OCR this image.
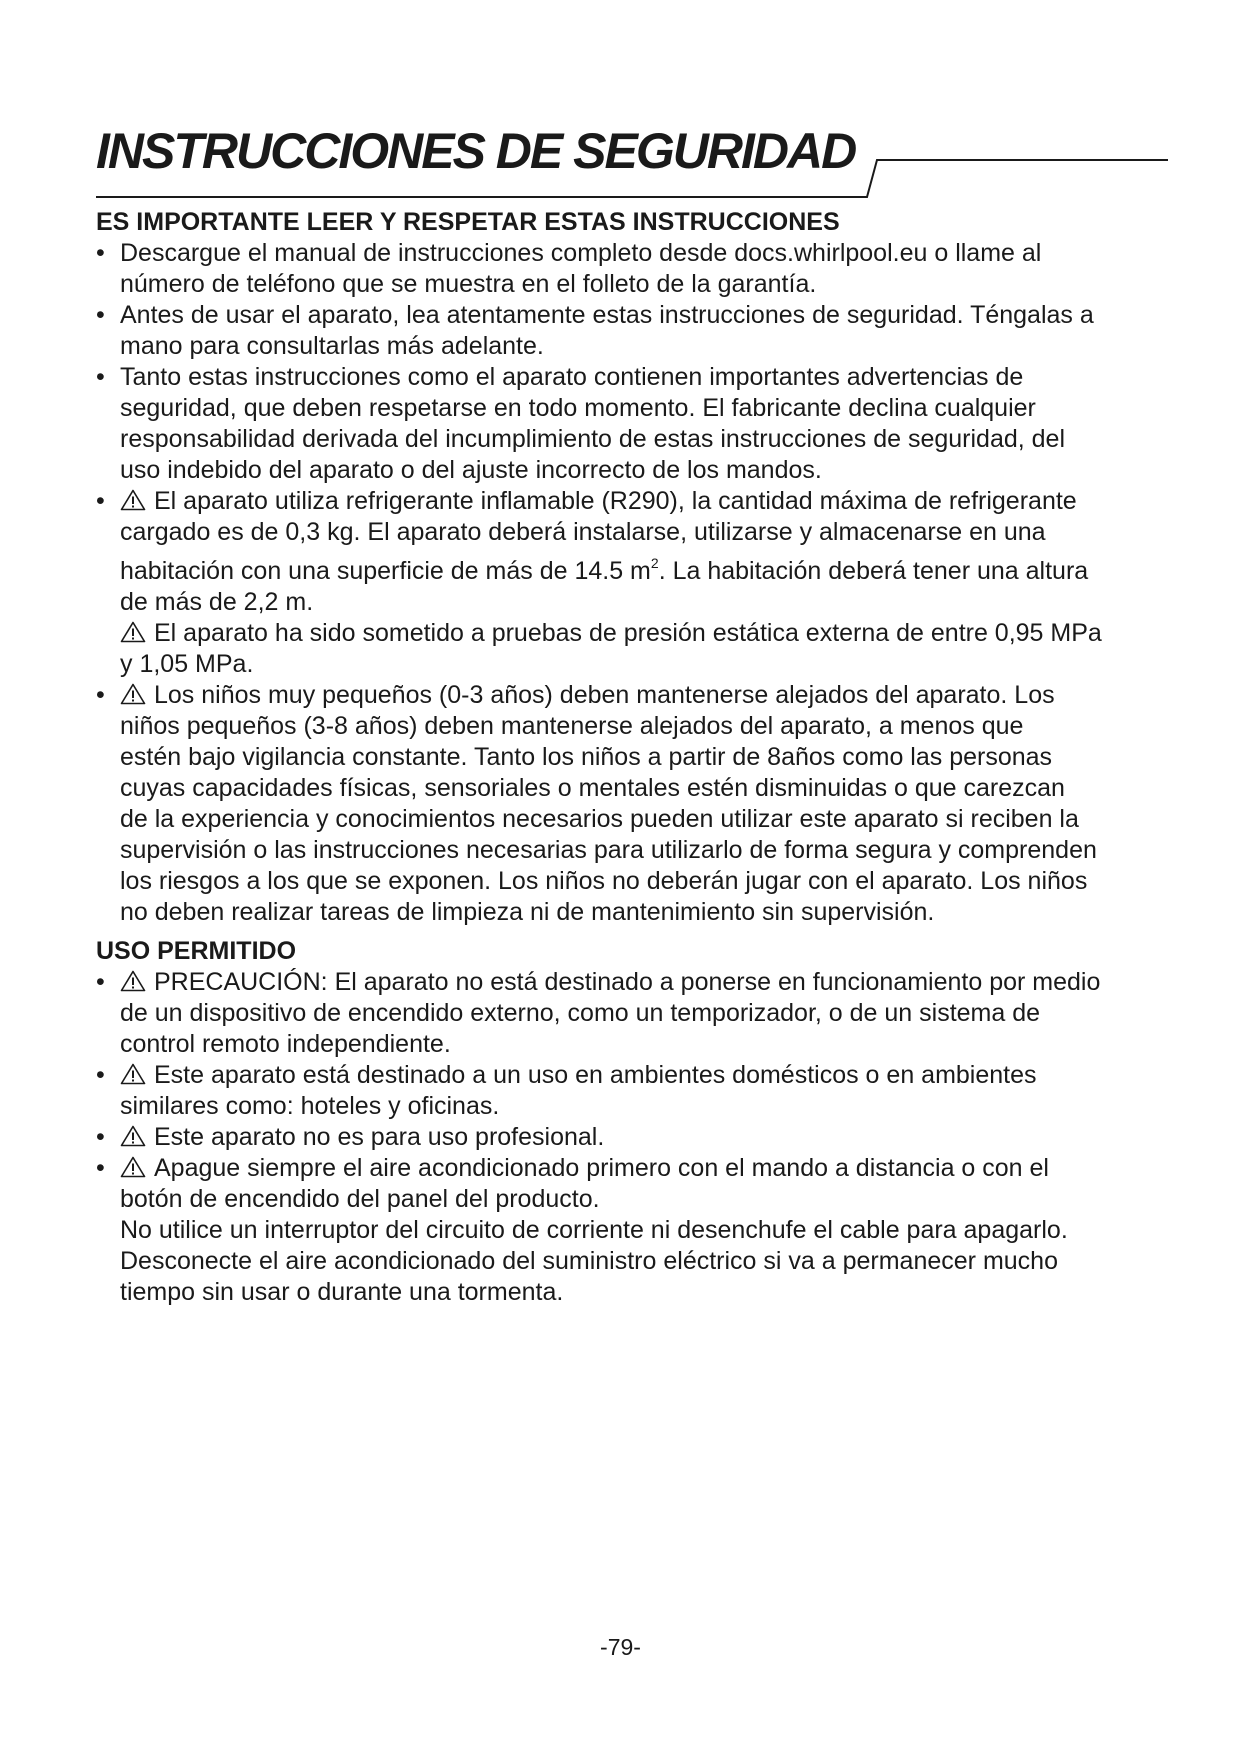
INSTRUCCIONES DE SEGURIDAD
ES IMPORTANTE LEER Y RESPETAR ESTAS INSTRUCCIONES
• Descargue el manual de instrucciones completo desde docs.whirlpool.eu o llame al
número de teléfono que se muestra en el folleto de la garantía.
• Antes de usar el aparato, lea atentamente estas instrucciones de seguridad. Téngalas a
mano para consultarlas más adelante.
• Tanto estas instrucciones como el aparato contienen importantes advertencias de
seguridad, que deben respetarse en todo momento. El fabricante declina cualquier
responsabilidad derivada del incumplimiento de estas instrucciones de seguridad, del
uso indebido del aparato o del ajuste incorrecto de los mandos.
•	El aparato utiliza refrigerante inflamable (R290), la cantidad máxima de refrigerante
cargado es de 0,3 kg. El aparato deberá instalarse, utilizarse y almacenarse en una
habitación con una superficie de más de 14.5 $m^2$. La habitación deberá tener una altura
de más de 2,2 m.
El aparato ha sido sometido a pruebas de presión estática externa de entre 0,95 MPa
y 1,05 MPa.
•	Los niños muy pequeños (0-3 años) deben mantenerse alejados del aparato. Los
niños pequeños (3-8 años) deben mantenerse alejados del aparato, a menos que
estén bajo vigilancia constante. Tanto los niños a partir de 8años como las personas
cuyas capacidades físicas, sensoriales o mentales estén disminuidas o que carezcan
de la experiencia y conocimientos necesarios pueden utilizar este aparato si reciben la
supervisión o las instrucciones necesarias para utilizarlo de forma segura y comprenden
los riesgos a los que se exponen. Los niños no deberán jugar con el aparato. Los niños
no deben realizar tareas de limpieza ni de mantenimiento sin supervisión.
USO PERMITIDO
•	PRECAUCIÓN: El aparato no está destinado a ponerse en funcionamiento por medio
de un dispositivo de encendido externo, como un temporizador, o de un sistema de
control remoto independiente.
•	Este aparato está destinado a un uso en ambientes domésticos o en ambientes
similares como: hoteles y oficinas.
•	Este aparato no es para uso profesional.
•	Apague siempre el aire acondicionado primero con el mando a distancia o con el
botón de encendido del panel del producto.
No utilice un interruptor del circuito de corriente ni desenchufe el cable para apagarlo.
Desconecte el aire acondicionado del suministro eléctrico si va a permanecer mucho
tiempo sin usar o durante una tormenta.
-79-
